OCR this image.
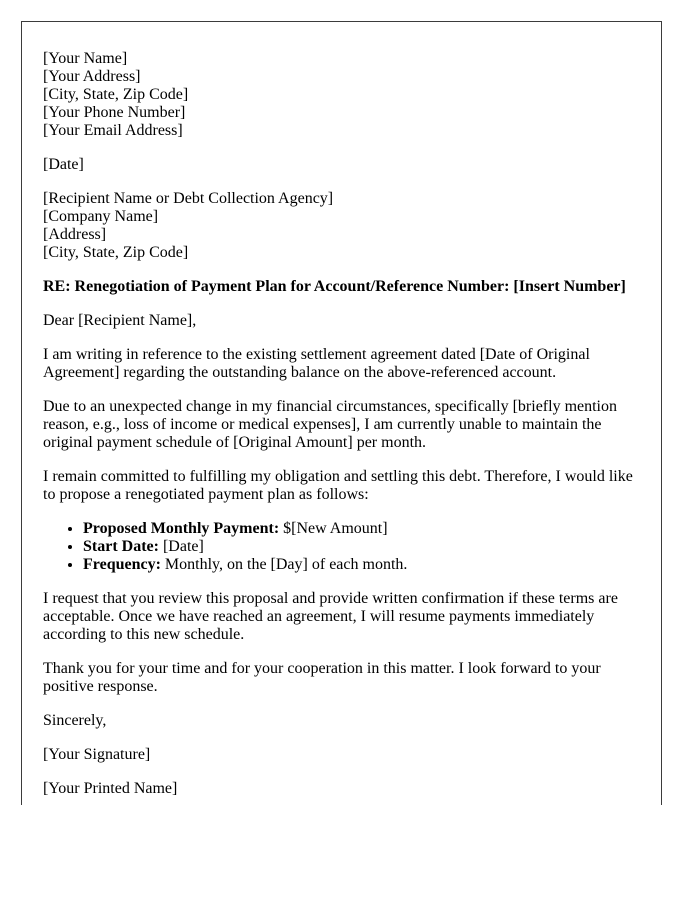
[Your Name]
[Your Address]
[City, State, Zip Code]
[Your Phone Number]
[Your Email Address]

[Date]

[Recipient Name or Debt Collection Agency]
[Company Name]
[Address]
[City, State, Zip Code]

RE: Renegotiation of Payment Plan for Account/Reference Number: [Insert Number]

Dear [Recipient Name],

I am writing in reference to the existing settlement agreement dated [Date of Original Agreement] regarding the outstanding balance on the above-referenced account.

Due to an unexpected change in my financial circumstances, specifically [briefly mention reason, e.g., loss of income or medical expenses], I am currently unable to maintain the original payment schedule of [Original Amount] per month.

I remain committed to fulfilling my obligation and settling this debt. Therefore, I would like to propose a renegotiated payment plan as follows:

• Proposed Monthly Payment: $[New Amount]
• Start Date: [Date]
• Frequency: Monthly, on the [Day] of each month.

I request that you review this proposal and provide written confirmation if these terms are acceptable. Once we have reached an agreement, I will resume payments immediately according to this new schedule.

Thank you for your time and for your cooperation in this matter. I look forward to your positive response.

Sincerely,

[Your Signature]

[Your Printed Name]
